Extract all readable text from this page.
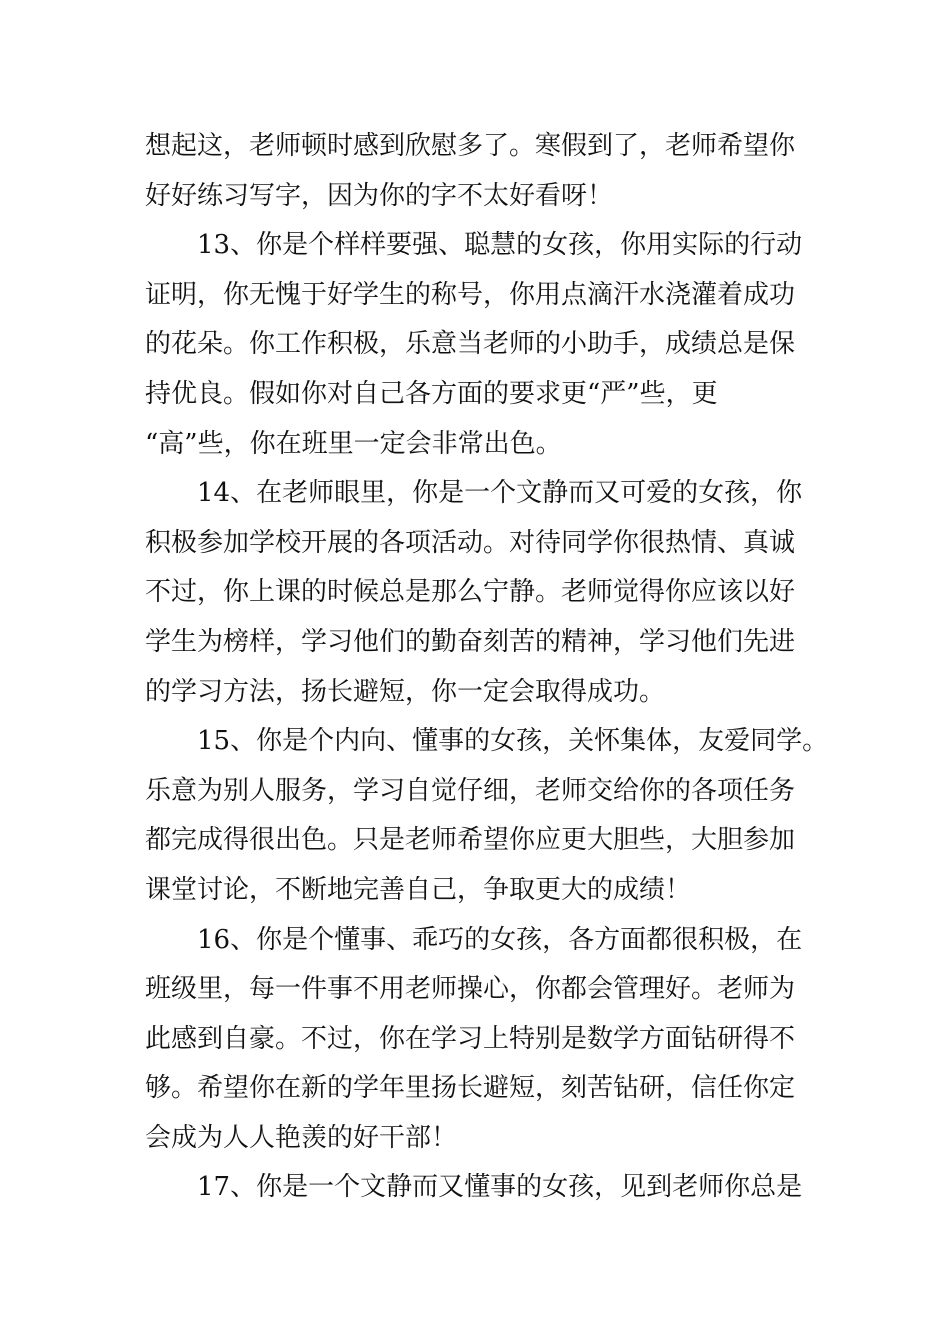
想起这，老师顿时感到欣慰多了。寒假到了，老师希望你
好好练习写字，因为你的字不太好看呀！
13、你是个样样要强、聪慧的女孩，你用实际的行动
证明，你无愧于好学生的称号，你用点滴汗水浇灌着成功
的花朵。你工作积极，乐意当老师的小助手，成绩总是保
持优良。假如你对自己各方面的要求更“严”些，更
“高”些，你在班里一定会非常出色。
14、在老师眼里，你是一个文静而又可爱的女孩，你
积极参加学校开展的各项活动。对待同学你很热情、真诚
不过，你上课的时候总是那么宁静。老师觉得你应该以好
学生为榜样，学习他们的勤奋刻苦的精神，学习他们先进
的学习方法，扬长避短，你一定会取得成功。
15、你是个内向、懂事的女孩，关怀集体，友爱同学。
乐意为别人服务，学习自觉仔细，老师交给你的各项任务
都完成得很出色。只是老师希望你应更大胆些，大胆参加
课堂讨论，不断地完善自己，争取更大的成绩！
16、你是个懂事、乖巧的女孩，各方面都很积极，在
班级里，每一件事不用老师操心，你都会管理好。老师为
此感到自豪。不过，你在学习上特别是数学方面钻研得不
够。希望你在新的学年里扬长避短，刻苦钻研，信任你定
会成为人人艳羡的好干部！
17、你是一个文静而又懂事的女孩，见到老师你总是
